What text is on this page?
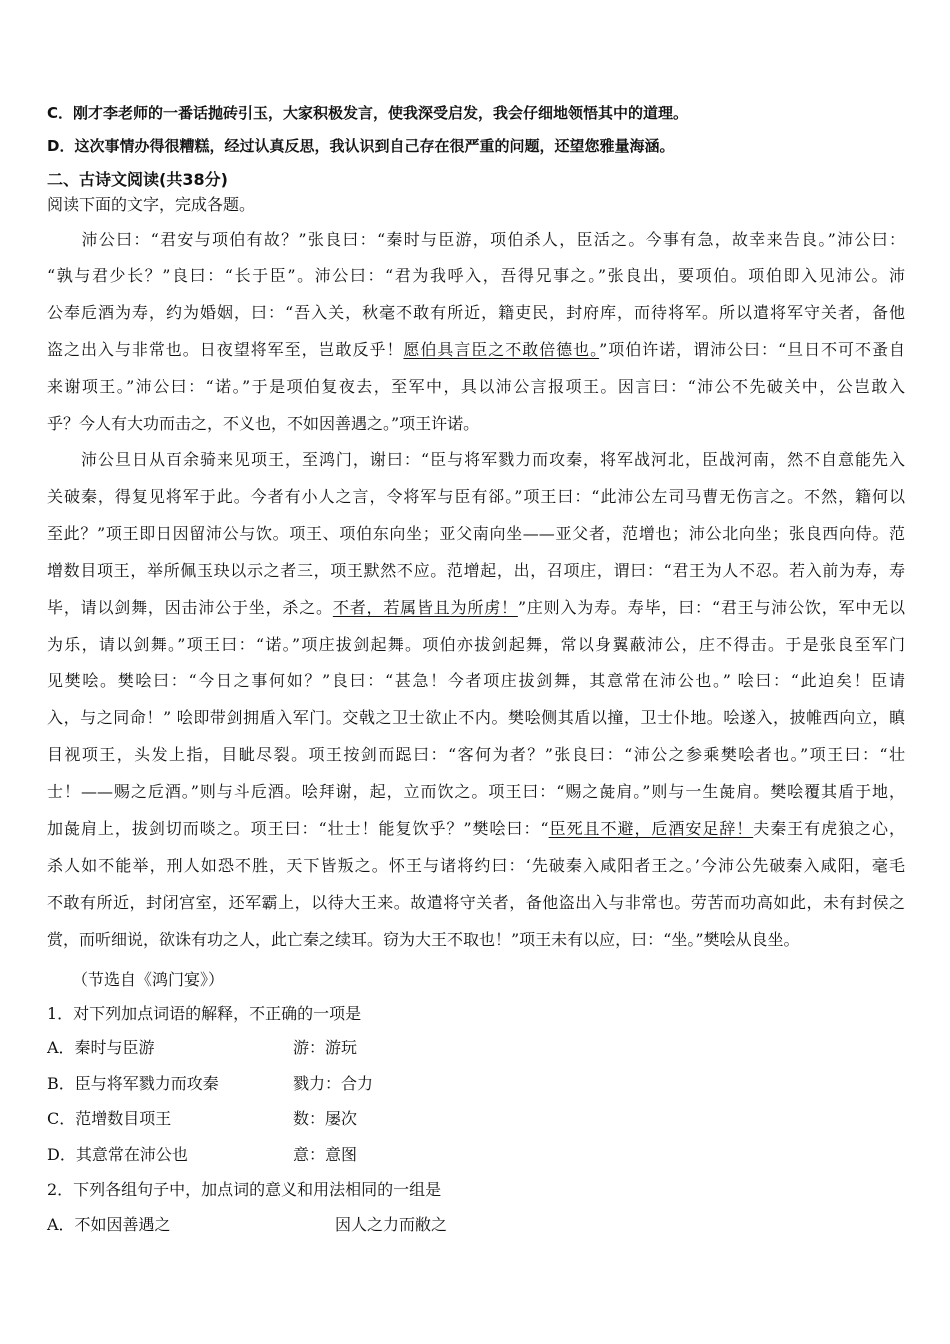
C．刚才李老师的一番话抛砖引玉，大家积极发言，使我深受启发，我会仔细地领悟其中的道理。
D．这次事情办得很糟糕，经过认真反思，我认识到自己存在很严重的问题，还望您雅量海涵。
二、古诗文阅读(共38分)
阅读下面的文字，完成各题。
　　沛公曰：“君安与项伯有故？”张良曰：“秦时与臣游，项伯杀人，臣活之。今事有急，故幸来告良。”沛公曰：
“孰与君少长？”良曰：“长于臣”。沛公曰：“君为我呼入，吾得兄事之。”张良出，要项伯。项伯即入见沛公。沛
公奉卮酒为寿，约为婚姻，曰：“吾入关，秋毫不敢有所近，籍吏民，封府库，而待将军。所以遣将军守关者，备他
盗之出入与非常也。日夜望将军至，岂敢反乎！愿伯具言臣之不敢倍德也。”项伯许诺，谓沛公曰：“旦日不可不蚤自
来谢项王。”沛公曰：“诺。”于是项伯复夜去，至军中，具以沛公言报项王。因言曰：“沛公不先破关中，公岂敢入
乎？今人有大功而击之，不义也，不如因善遇之。”项王许诺。
　　沛公旦日从百余骑来见项王，至鸿门，谢曰：“臣与将军戮力而攻秦，将军战河北，臣战河南，然不自意能先入
关破秦，得复见将军于此。今者有小人之言，令将军与臣有郤。”项王曰：“此沛公左司马曹无伤言之。不然，籍何以
至此？”项王即日因留沛公与饮。项王、项伯东向坐；亚父南向坐——亚父者，范增也；沛公北向坐；张良西向侍。范
增数目项王，举所佩玉玦以示之者三，项王默然不应。范增起，出，召项庄，谓曰：“君王为人不忍。若入前为寿，寿
毕，请以剑舞，因击沛公于坐，杀之。不者，若属皆且为所虏！”庄则入为寿。寿毕，曰：“君王与沛公饮，军中无以
为乐，请以剑舞。”项王曰：“诺。”项庄拔剑起舞。项伯亦拔剑起舞，常以身翼蔽沛公，庄不得击。于是张良至军门
见樊哙。樊哙曰：“今日之事何如？”良曰：“甚急！今者项庄拔剑舞，其意常在沛公也。” 哙曰：“此迫矣！臣请
入，与之同命！” 哙即带剑拥盾入军门。交戟之卫士欲止不内。樊哙侧其盾以撞，卫士仆地。哙遂入，披帷西向立，瞋
目视项王，头发上指，目眦尽裂。项王按剑而跽曰：“客何为者？”张良曰：“沛公之参乘樊哙者也。”项王曰：“壮
士！——赐之卮酒。”则与斗卮酒。哙拜谢，起，立而饮之。项王曰：“赐之彘肩。”则与一生彘肩。樊哙覆其盾于地，
加彘肩上，拔剑切而啖之。项王曰：“壮士！能复饮乎？”樊哙曰：“臣死且不避，卮酒安足辞！夫秦王有虎狼之心，
杀人如不能举，刑人如恐不胜，天下皆叛之。怀王与诸将约曰：‘先破秦入咸阳者王之。’今沛公先破秦入咸阳，毫毛
不敢有所近，封闭宫室，还军霸上，以待大王来。故遣将守关者，备他盗出入与非常也。劳苦而功高如此，未有封侯之
赏，而听细说，欲诛有功之人，此亡秦之续耳。窃为大王不取也！”项王未有以应，曰：“坐。”樊哙从良坐。
（节选自《鸿门宴》）
1．对下列加点词语的解释，不正确的一项是
A．秦时与臣游	游：游玩
B．臣与将军戮力而攻秦	戮力：合力
C．范增数目项王	数：屡次
D．其意常在沛公也	意：意图
2．下列各组句子中，加点词的意义和用法相同的一组是
A．不如因善遇之	因人之力而敝之
